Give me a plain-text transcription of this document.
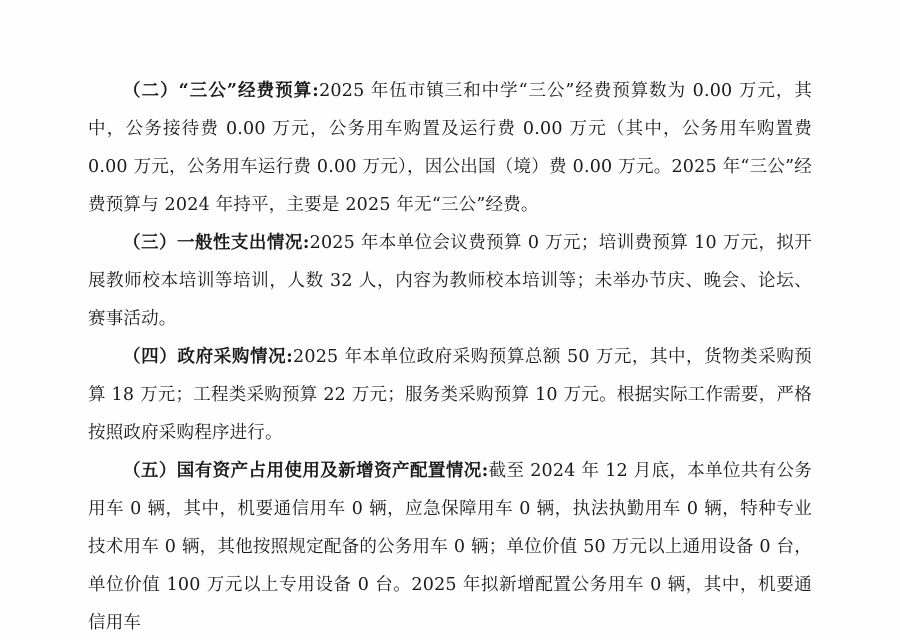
（二）“三公”经费预算:2025 年伍市镇三和中学“三公”经费预算数为 0.00 万元，其中，公务接待费 0.00 万元，公务用车购置及运行费 0.00 万元（其中，公务用车购置费 0.00 万元，公务用车运行费 0.00 万元），因公出国（境）费 0.00 万元。2025 年“三公”经费预算与 2024 年持平，主要是 2025 年无“三公”经费。

（三）一般性支出情况:2025 年本单位会议费预算 0 万元；培训费预算 10 万元，拟开展教师校本培训等培训，人数 32 人，内容为教师校本培训等；未举办节庆、晚会、论坛、赛事活动。

（四）政府采购情况:2025 年本单位政府采购预算总额 50 万元，其中，货物类采购预算 18 万元；工程类采购预算 22 万元；服务类采购预算 10 万元。根据实际工作需要，严格按照政府采购程序进行。

（五）国有资产占用使用及新增资产配置情况:截至 2024 年 12 月底，本单位共有公务用车 0 辆，其中，机要通信用车 0 辆，应急保障用车 0 辆，执法执勤用车 0 辆，特种专业技术用车 0 辆，其他按照规定配备的公务用车 0 辆；单位价值 50 万元以上通用设备 0 台，单位价值 100 万元以上专用设备 0 台。2025 年拟新增配置公务用车 0 辆，其中，机要通信用车
